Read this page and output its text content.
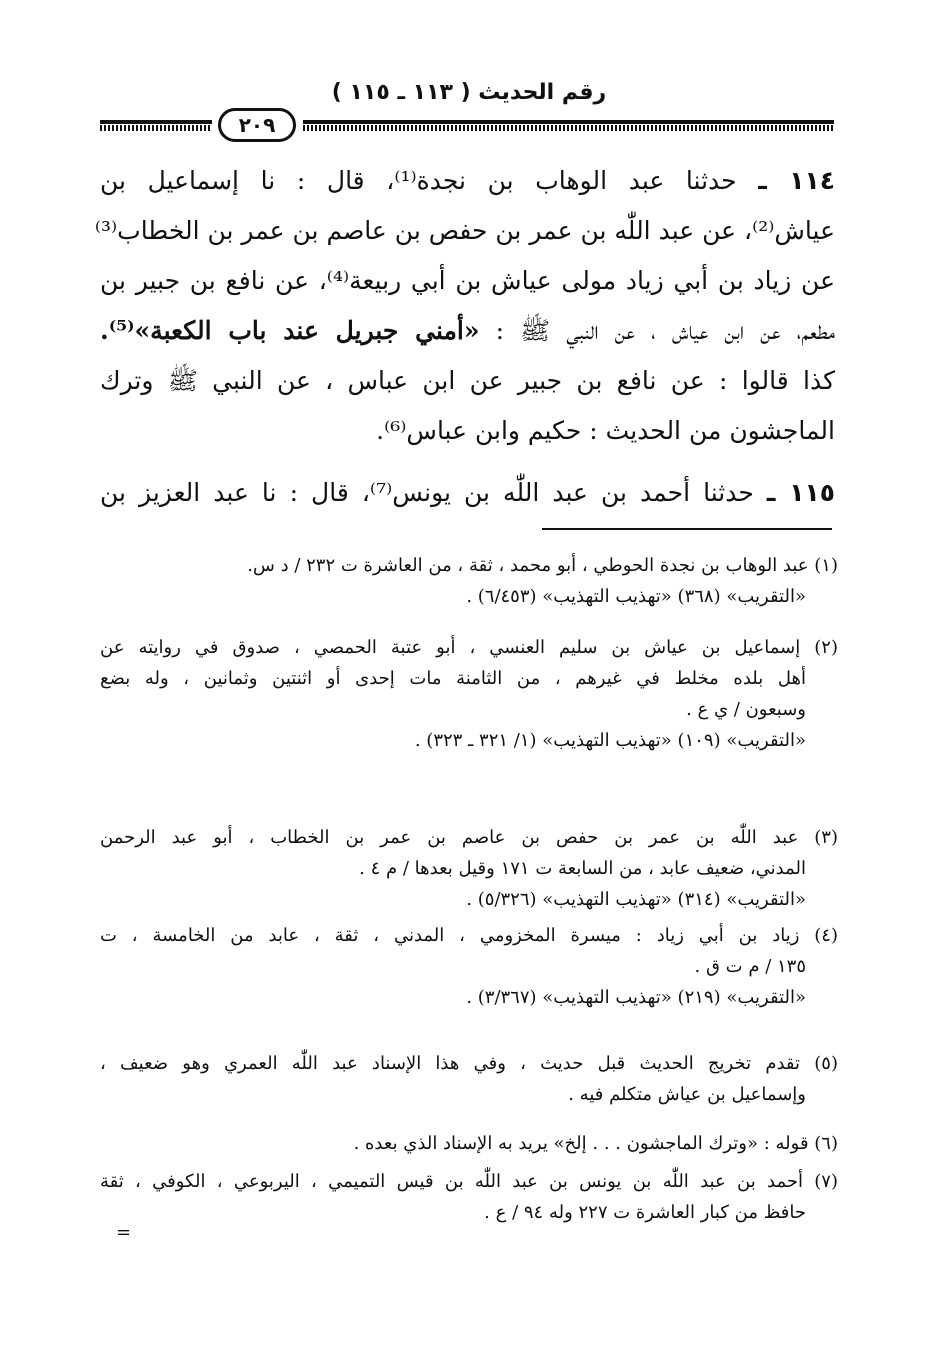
رقم الحديث ( ١١٣ ـ ١١٥ )
٢٠٩
١١٤ ـ حدثنا عبد الوهاب بن نجدة⁽¹⁾، قال : نا إسماعيل بن
عياش⁽²⁾، عن عبد اللّٰه بن عمر بن حفص بن عاصم بن عمر بن الخطاب⁽³⁾
عن زياد بن أبي زياد مولى عياش بن أبي ربيعة⁽⁴⁾، عن نافع بن جبير بن
مطعم، عن ابن عياش ، عن النبي ﷺ : «أمني جبريل عند باب الكعبة»⁽⁵⁾.
كذا قالوا : عن نافع بن جبير عن ابن عباس ، عن النبي ﷺ وترك
الماجشون من الحديث : حكيم وابن عباس⁽⁶⁾.
١١٥ ـ حدثنا أحمد بن عبد اللّٰه بن يونس⁽⁷⁾، قال : نا عبد العزيز بن
(١) عبد الوهاب بن نجدة الحوطي ، أبو محمد ، ثقة ، من العاشرة ت ٢٣٢ / د س.
«التقريب» (٣٦٨) «تهذيب التهذيب» (٦/٤٥٣) .
(٢) إسماعيل بن عياش بن سليم العنسي ، أبو عتبة الحمصي ، صدوق في روايته عن
أهل بلده مخلط في غيرهم ، من الثامنة مات إحدى أو اثنتين وثمانين ، وله بضع
وسبعون / ي ع .
«التقريب» (١٠٩) «تهذيب التهذيب» (١/ ٣٢١ ـ ٣٢٣) .
(٣) عبد اللّٰه بن عمر بن حفص بن عاصم بن عمر بن الخطاب ، أبو عبد الرحمن
المدني، ضعيف عابد ، من السابعة ت ١٧١ وقيل بعدها / م ٤ .
«التقريب» (٣١٤) «تهذيب التهذيب» (٥/٣٢٦) .
(٤) زياد بن أبي زياد : ميسرة المخزومي ، المدني ، ثقة ، عابد من الخامسة ، ت
١٣٥ / م ت ق .
«التقريب» (٢١٩) «تهذيب التهذيب» (٣/٣٦٧) .
(٥) تقدم تخريج الحديث قبل حديث ، وفي هذا الإسناد عبد اللّٰه العمري وهو ضعيف ،
وإسماعيل بن عياش متكلم فيه .
(٦) قوله : «وترك الماجشون . . . إلخ» يريد به الإسناد الذي بعده .
(٧) أحمد بن عبد اللّٰه بن يونس بن عبد اللّٰه بن قيس التميمي ، اليربوعي ، الكوفي ، ثقة
حافظ من كبار العاشرة ت ٢٢٧ وله ٩٤ / ع .
=
